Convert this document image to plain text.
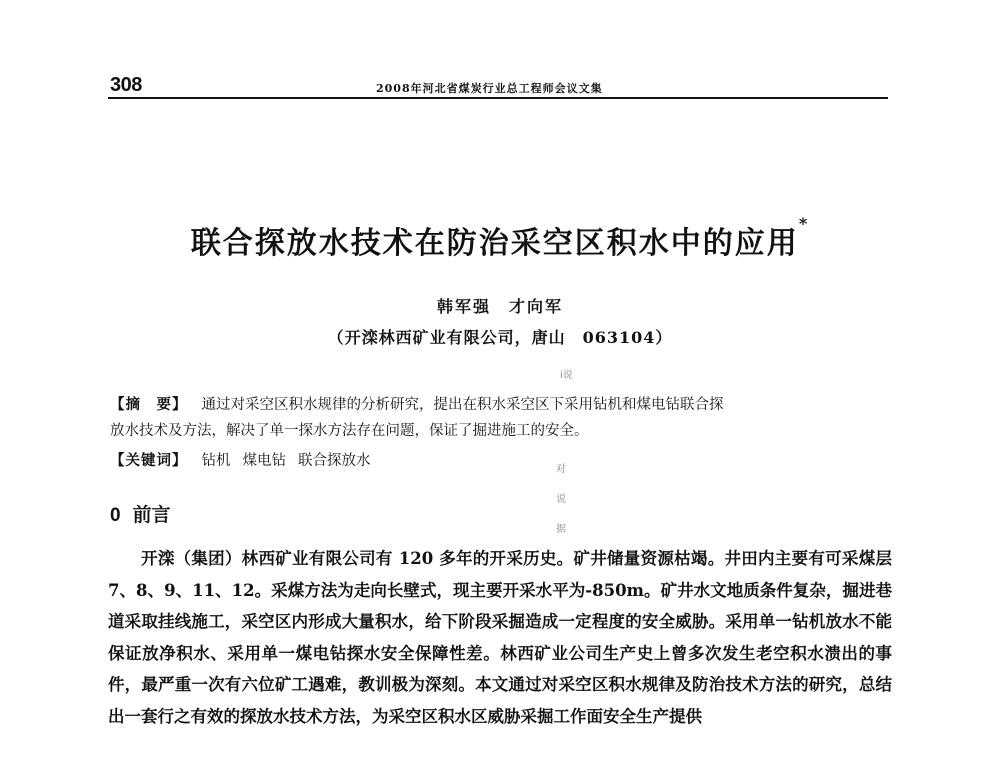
308	2008年河北省煤炭行业总工程师会议文集
联合探放水技术在防治采空区积水中的应用*
韩军强 才向军
（开滦林西矿业有限公司，唐山　063104）
i说
【摘　要】 通过对采空区积水规律的分析研究，提出在积水采空区下采用钻机和煤电钻联合探
放水技术及方法，解决了单一探水方法存在问题，保证了掘进施工的安全。
【关键词】 钻机 煤电钻 联合探放水
对
说
据
0 前言
开滦（集团）林西矿业有限公司有 120 多年的开采历史。矿井储量资源枯竭。井田内主要有可采煤层 7、8、9、11、12。采煤方法为走向长壁式，现主要开采水平为-850m。矿井水文地质条件复杂，掘进巷道采取挂线施工，采空区内形成大量积水，给下阶段采掘造成一定程度的安全威胁。采用单一钻机放水不能保证放净积水、采用单一煤电钻探水安全保障性差。林西矿业公司生产史上曾多次发生老空积水溃出的事件，最严重一次有六位矿工遇难，教训极为深刻。本文通过对采空区积水规律及防治技术方法的研究，总结出一套行之有效的探放水技术方法，为采空区积水区威胁采掘工作面安全生产提供
